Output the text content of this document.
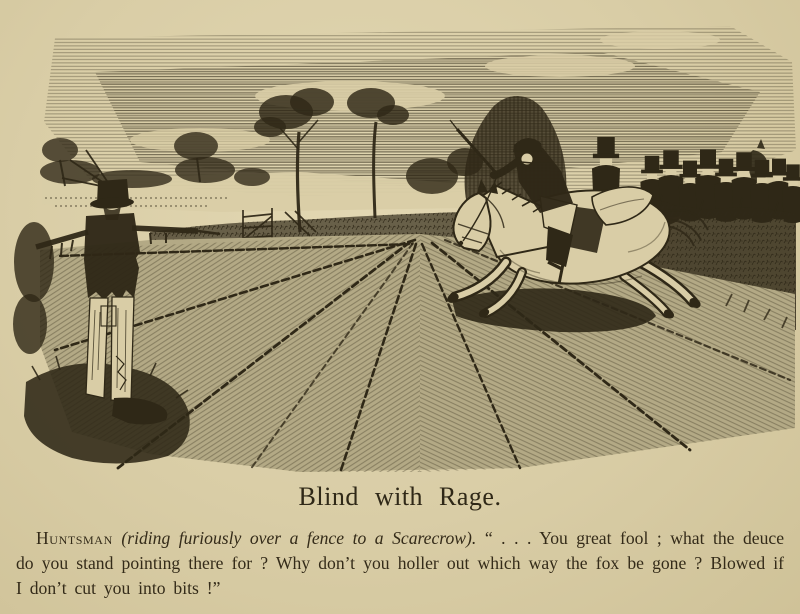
Blind with Rage.

Huntsman (riding furiously over a fence to a Scarecrow). “ . . . You great fool ; what the deuce do you stand pointing there for ? Why don’t you holler out which way the fox be gone ? Blowed if I don’t cut you into bits !”
